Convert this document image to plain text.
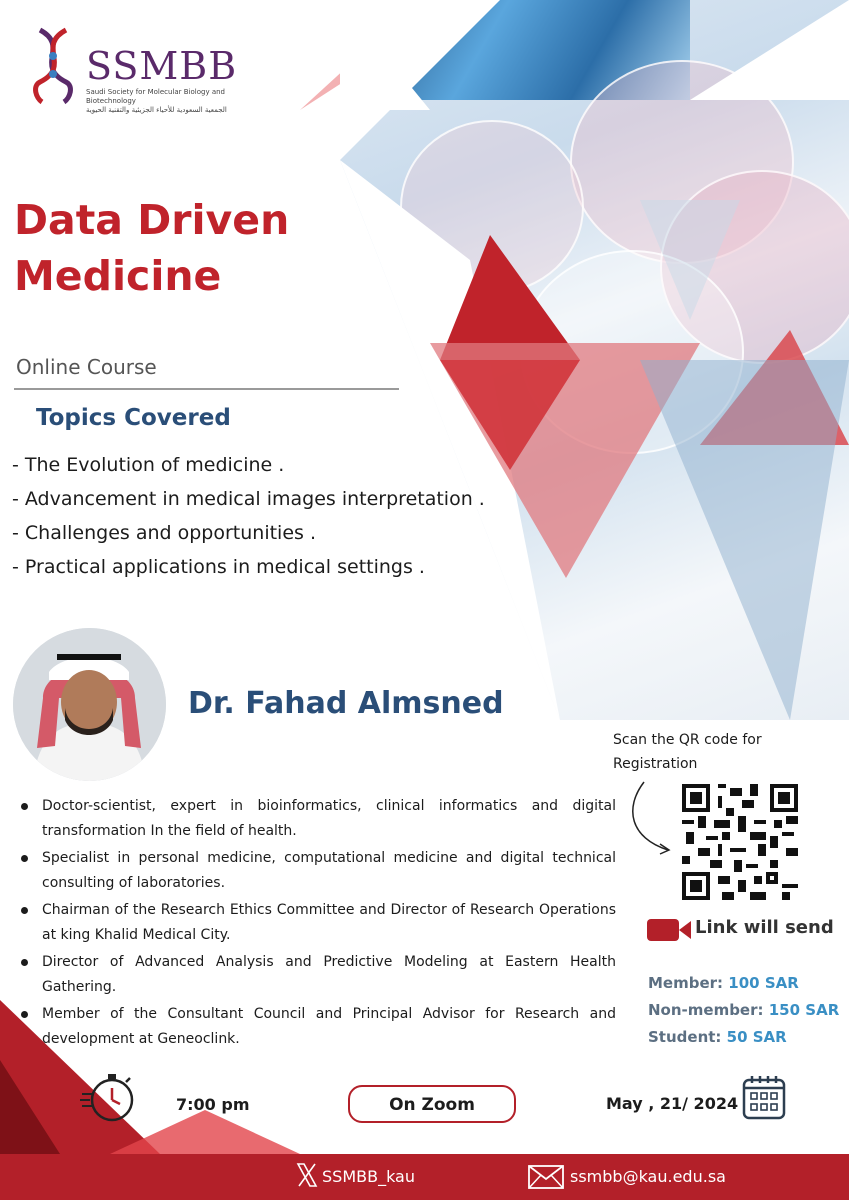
SSMBB
Saudi Society for Molecular Biology and Biotechnology
الجمعية السعودية للأحياء الجزيئية والتقنية الحيوية
Data Driven
Medicine
Online Course
Topics Covered
- The Evolution of medicine .
- Advancement in medical images interpretation .
- Challenges and opportunities .
- Practical applications in medical settings .
Dr. Fahad Almsned
Scan the QR code for Registration
Doctor-scientist, expert in bioinformatics, clinical informatics and digital transformation In the field of health.
Specialist in personal medicine, computational medicine and digital technical consulting of laboratories.
Chairman of the Research Ethics Committee and Director of Research Operations at king Khalid Medical City.
Director of Advanced Analysis and Predictive Modeling at Eastern Health Gathering.
Member of the Consultant Council and Principal Advisor for Research and development at Geneoclink.
Link will send
Member: 100 SAR
Non-member: 150 SAR
Student: 50 SAR
7:00 pm	On Zoom	May , 21/ 2024
SSMBB_kau	ssmbb@kau.edu.sa
